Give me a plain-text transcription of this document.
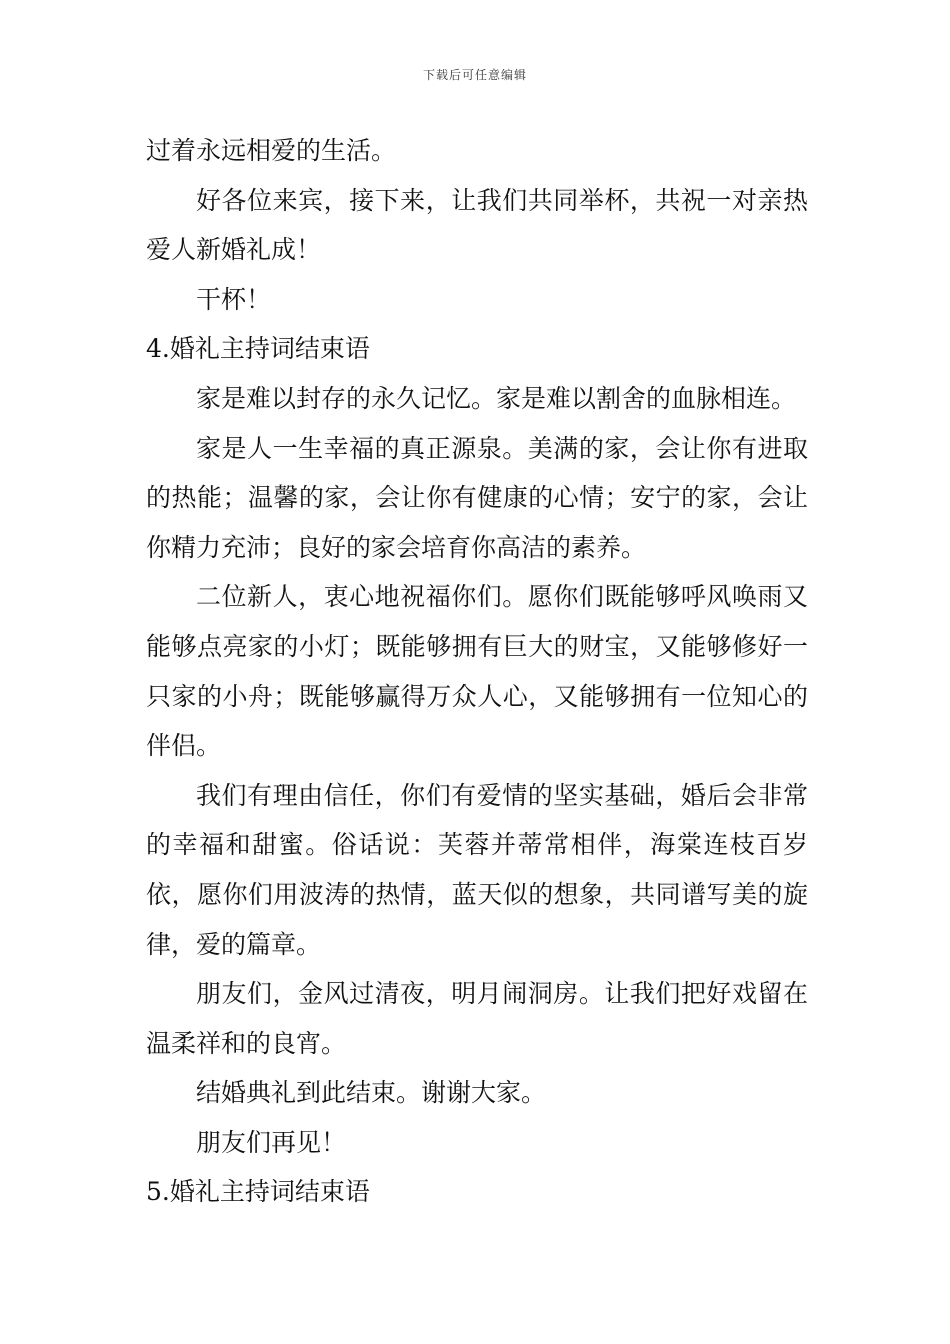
下载后可任意编辑

过着永远相爱的生活。

好各位来宾，接下来，让我们共同举杯，共祝一对亲热爱人新婚礼成！

干杯！

4.婚礼主持词结束语

家是难以封存的永久记忆。家是难以割舍的血脉相连。

家是人一生幸福的真正源泉。美满的家，会让你有进取的热能；温馨的家，会让你有健康的心情；安宁的家，会让你精力充沛；良好的家会培育你高洁的素养。

二位新人，衷心地祝福你们。愿你们既能够呼风唤雨又能够点亮家的小灯；既能够拥有巨大的财宝，又能够修好一只家的小舟；既能够赢得万众人心，又能够拥有一位知心的伴侣。

我们有理由信任，你们有爱情的坚实基础，婚后会非常的幸福和甜蜜。俗话说：芙蓉并蒂常相伴，海棠连枝百岁依，愿你们用波涛的热情，蓝天似的想象，共同谱写美的旋律，爱的篇章。

朋友们，金风过清夜，明月闹洞房。让我们把好戏留在温柔祥和的良宵。

结婚典礼到此结束。谢谢大家。

朋友们再见！

5.婚礼主持词结束语
